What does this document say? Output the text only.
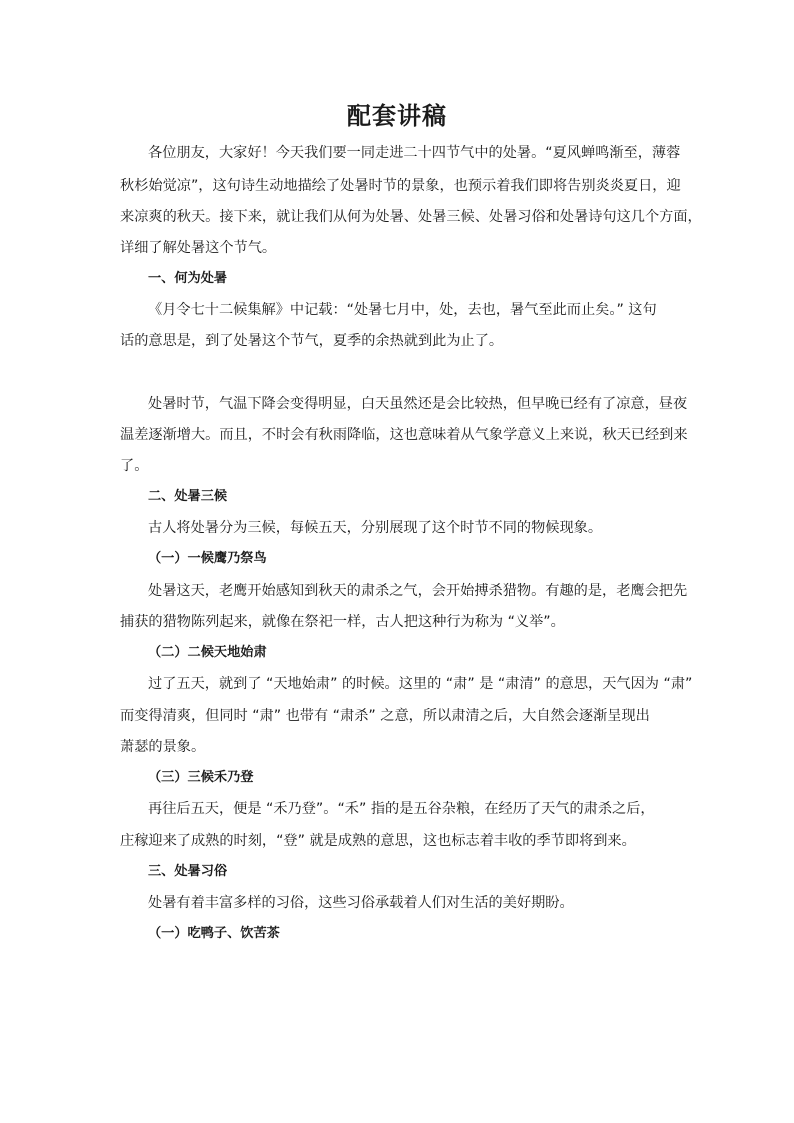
配套讲稿
各位朋友，大家好！今天我们要一同走进二十四节气中的处暑。“夏风蝉鸣渐至，薄蓉
秋杉始觉凉”，这句诗生动地描绘了处暑时节的景象，也预示着我们即将告别炎炎夏日，迎
来凉爽的秋天。接下来，就让我们从何为处暑、处暑三候、处暑习俗和处暑诗句这几个方面，
详细了解处暑这个节气。
一、何为处暑
《月令七十二候集解》中记载：“处暑七月中，处，去也，暑气至此而止矣。” 这句
话的意思是，到了处暑这个节气，夏季的余热就到此为止了。
处暑时节，气温下降会变得明显，白天虽然还是会比较热，但早晚已经有了凉意，昼夜
温差逐渐增大。而且，不时会有秋雨降临，这也意味着从气象学意义上来说，秋天已经到来
了。
二、处暑三候
古人将处暑分为三候，每候五天，分别展现了这个时节不同的物候现象。
（一）一候鹰乃祭鸟
处暑这天，老鹰开始感知到秋天的肃杀之气，会开始搏杀猎物。有趣的是，老鹰会把先
捕获的猎物陈列起来，就像在祭祀一样，古人把这种行为称为 “义举”。
（二）二候天地始肃
过了五天，就到了 “天地始肃” 的时候。这里的 “肃” 是 “肃清” 的意思，天气因为 “肃”
而变得清爽，但同时 “肃” 也带有 “肃杀” 之意，所以肃清之后，大自然会逐渐呈现出
萧瑟的景象。
（三）三候禾乃登
再往后五天，便是 “禾乃登”。“禾” 指的是五谷杂粮，在经历了天气的肃杀之后，
庄稼迎来了成熟的时刻，“登” 就是成熟的意思，这也标志着丰收的季节即将到来。
三、处暑习俗
处暑有着丰富多样的习俗，这些习俗承载着人们对生活的美好期盼。
（一）吃鸭子、饮苦茶
